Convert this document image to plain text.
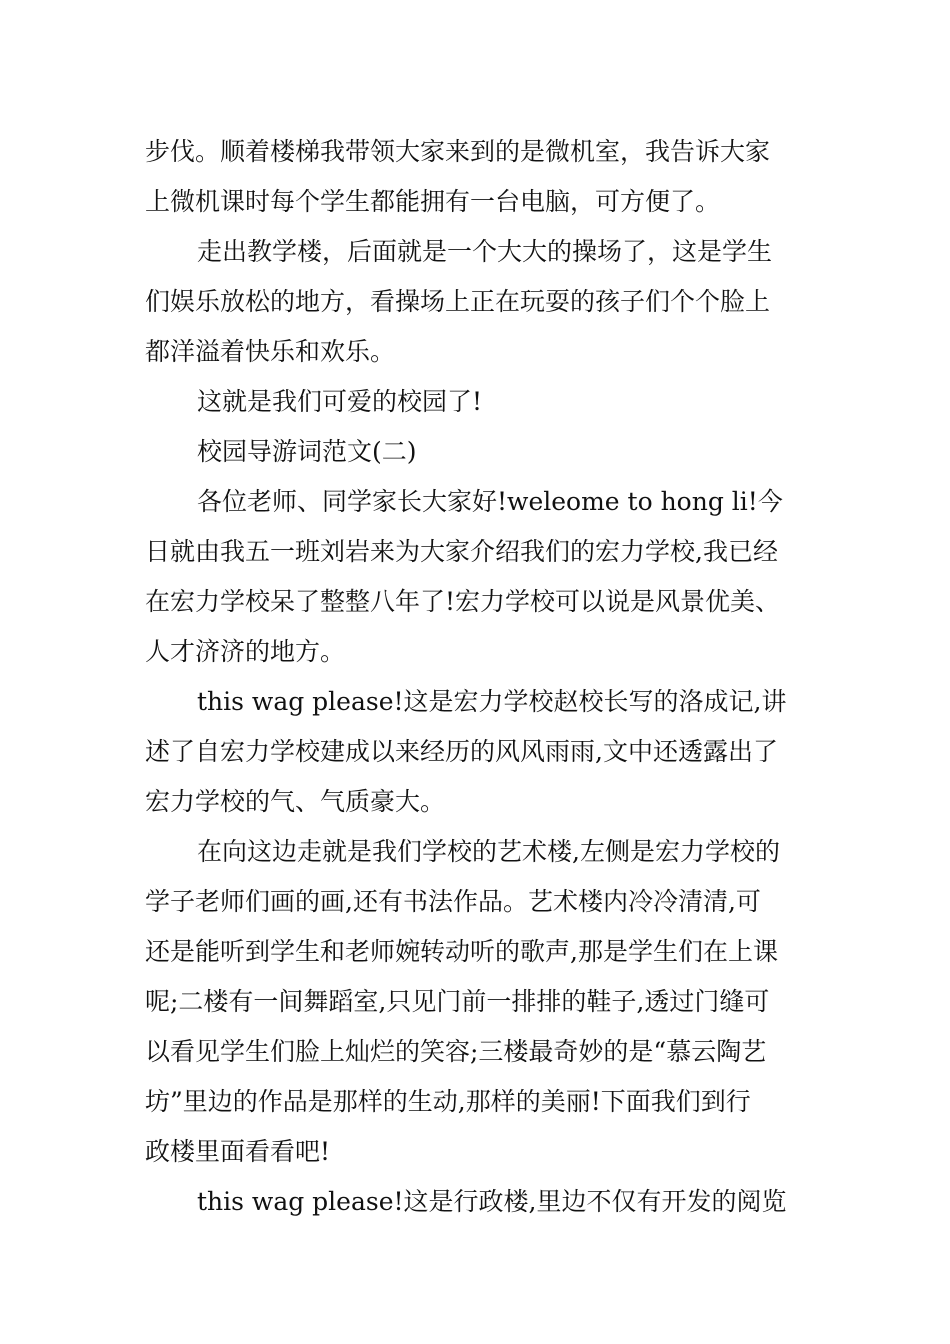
步伐。顺着楼梯我带领大家来到的是微机室，我告诉大家
上微机课时每个学生都能拥有一台电脑，可方便了。
走出教学楼，后面就是一个大大的操场了，这是学生
们娱乐放松的地方，看操场上正在玩耍的孩子们个个脸上
都洋溢着快乐和欢乐。
这就是我们可爱的校园了!
校园导游词范文(二)
各位老师、同学家长大家好!weleome to hong li!今
日就由我五一班刘岩来为大家介绍我们的宏力学校,我已经
在宏力学校呆了整整八年了!宏力学校可以说是风景优美、
人才济济的地方。
this wag please!这是宏力学校赵校长写的洛成记,讲
述了自宏力学校建成以来经历的风风雨雨,文中还透露出了
宏力学校的气、气质豪大。
在向这边走就是我们学校的艺术楼,左侧是宏力学校的
学子老师们画的画,还有书法作品。艺术楼内冷冷清清,可
还是能听到学生和老师婉转动听的歌声,那是学生们在上课
呢;二楼有一间舞蹈室,只见门前一排排的鞋子,透过门缝可
以看见学生们脸上灿烂的笑容;三楼最奇妙的是“慕云陶艺
坊”里边的作品是那样的生动,那样的美丽!下面我们到行
政楼里面看看吧!
this wag please!这是行政楼,里边不仅有开发的阅览
